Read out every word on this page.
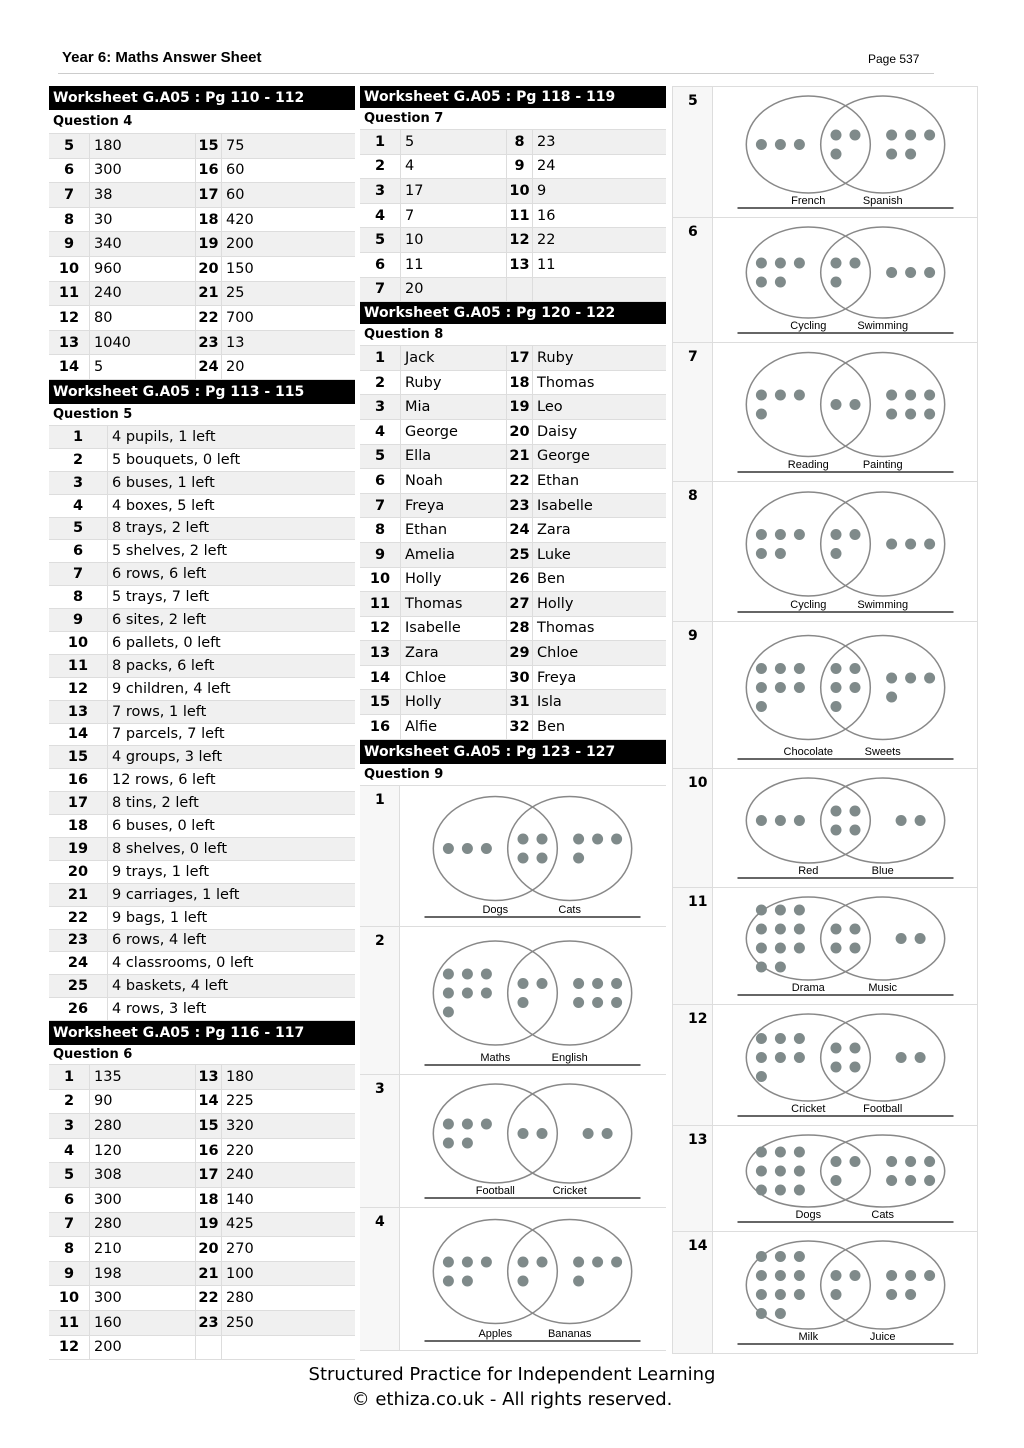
Year 6: Maths Answer Sheet	Page 537
Worksheet G.A05 : Pg 110 - 112
Question 4
5	180	15 75
6	300	16 60
7	38	17 60
8	30	18 420
9	340	19 200
10	960	20 150
11	240	21 25
12	80	22 700
13	1040	23 13
14	5	24 20
Worksheet G.A05 : Pg 113 - 115
Question 5
1	4 pupils, 1 left
2	5 bouquets, 0 left
3	6 buses, 1 left
4	4 boxes, 5 left
5	8 trays, 2 left
6	5 shelves, 2 left
7	6 rows, 6 left
8	5 trays, 7 left
9	6 sites, 2 left
10	6 pallets, 0 left
11	8 packs, 6 left
12	9 children, 4 left
13	7 rows, 1 left
14	7 parcels, 7 left
15	4 groups, 3 left
16	12 rows, 6 left
17	8 tins, 2 left
18	6 buses, 0 left
19	8 shelves, 0 left
20	9 trays, 1 left
21	9 carriages, 1 left
22	9 bags, 1 left
23	6 rows, 4 left
24	4 classrooms, 0 left
25	4 baskets, 4 left
26	4 rows, 3 left
Worksheet G.A05 : Pg 116 - 117
Question 6
1	135	13 180
2	90	14 225
3	280	15 320
4	120	16 220
5	308	17 240
6	300	18 140
7	280	19 425
8	210	20 270
9	198	21 100
10	300	22 280
11	160	23 250
12	200
Worksheet G.A05 : Pg 118 - 119
Question 7
1	5	8 23
2	4	9 24
3	17	10 9
4	7	11 16
5	10	12 22
6	11	13 11
7	20
Worksheet G.A05 : Pg 120 - 122
Question 8
1	Jack	17 Ruby
2	Ruby	18 Thomas
3	Mia	19 Leo
4	George	20 Daisy
5	Ella	21 George
6	Noah	22 Ethan
7	Freya	23 Isabelle
8	Ethan	24 Zara
9	Amelia	25 Luke
10	Holly	26 Ben
11	Thomas	27 Holly
12	Isabelle	28 Thomas
13	Zara	29 Chloe
14	Chloe	30 Freya
15	Holly	31 Isla
16	Alfie	32 Ben
Worksheet G.A05 : Pg 123 - 127
Question 9
1
Dogs	Cats
2
Maths	English
3
Football	Cricket
4
Apples	Bananas
5
French	Spanish
6
Cycling	Swimming
7
Reading	Painting
8
Cycling	Swimming
9
Chocolate	Sweets
10
Red	Blue
11
Drama	Music
12
Cricket	Football
13
Dogs	Cats
14
Milk	Juice
Structured Practice for Independent Learning
© ethiza.co.uk - All rights reserved.
